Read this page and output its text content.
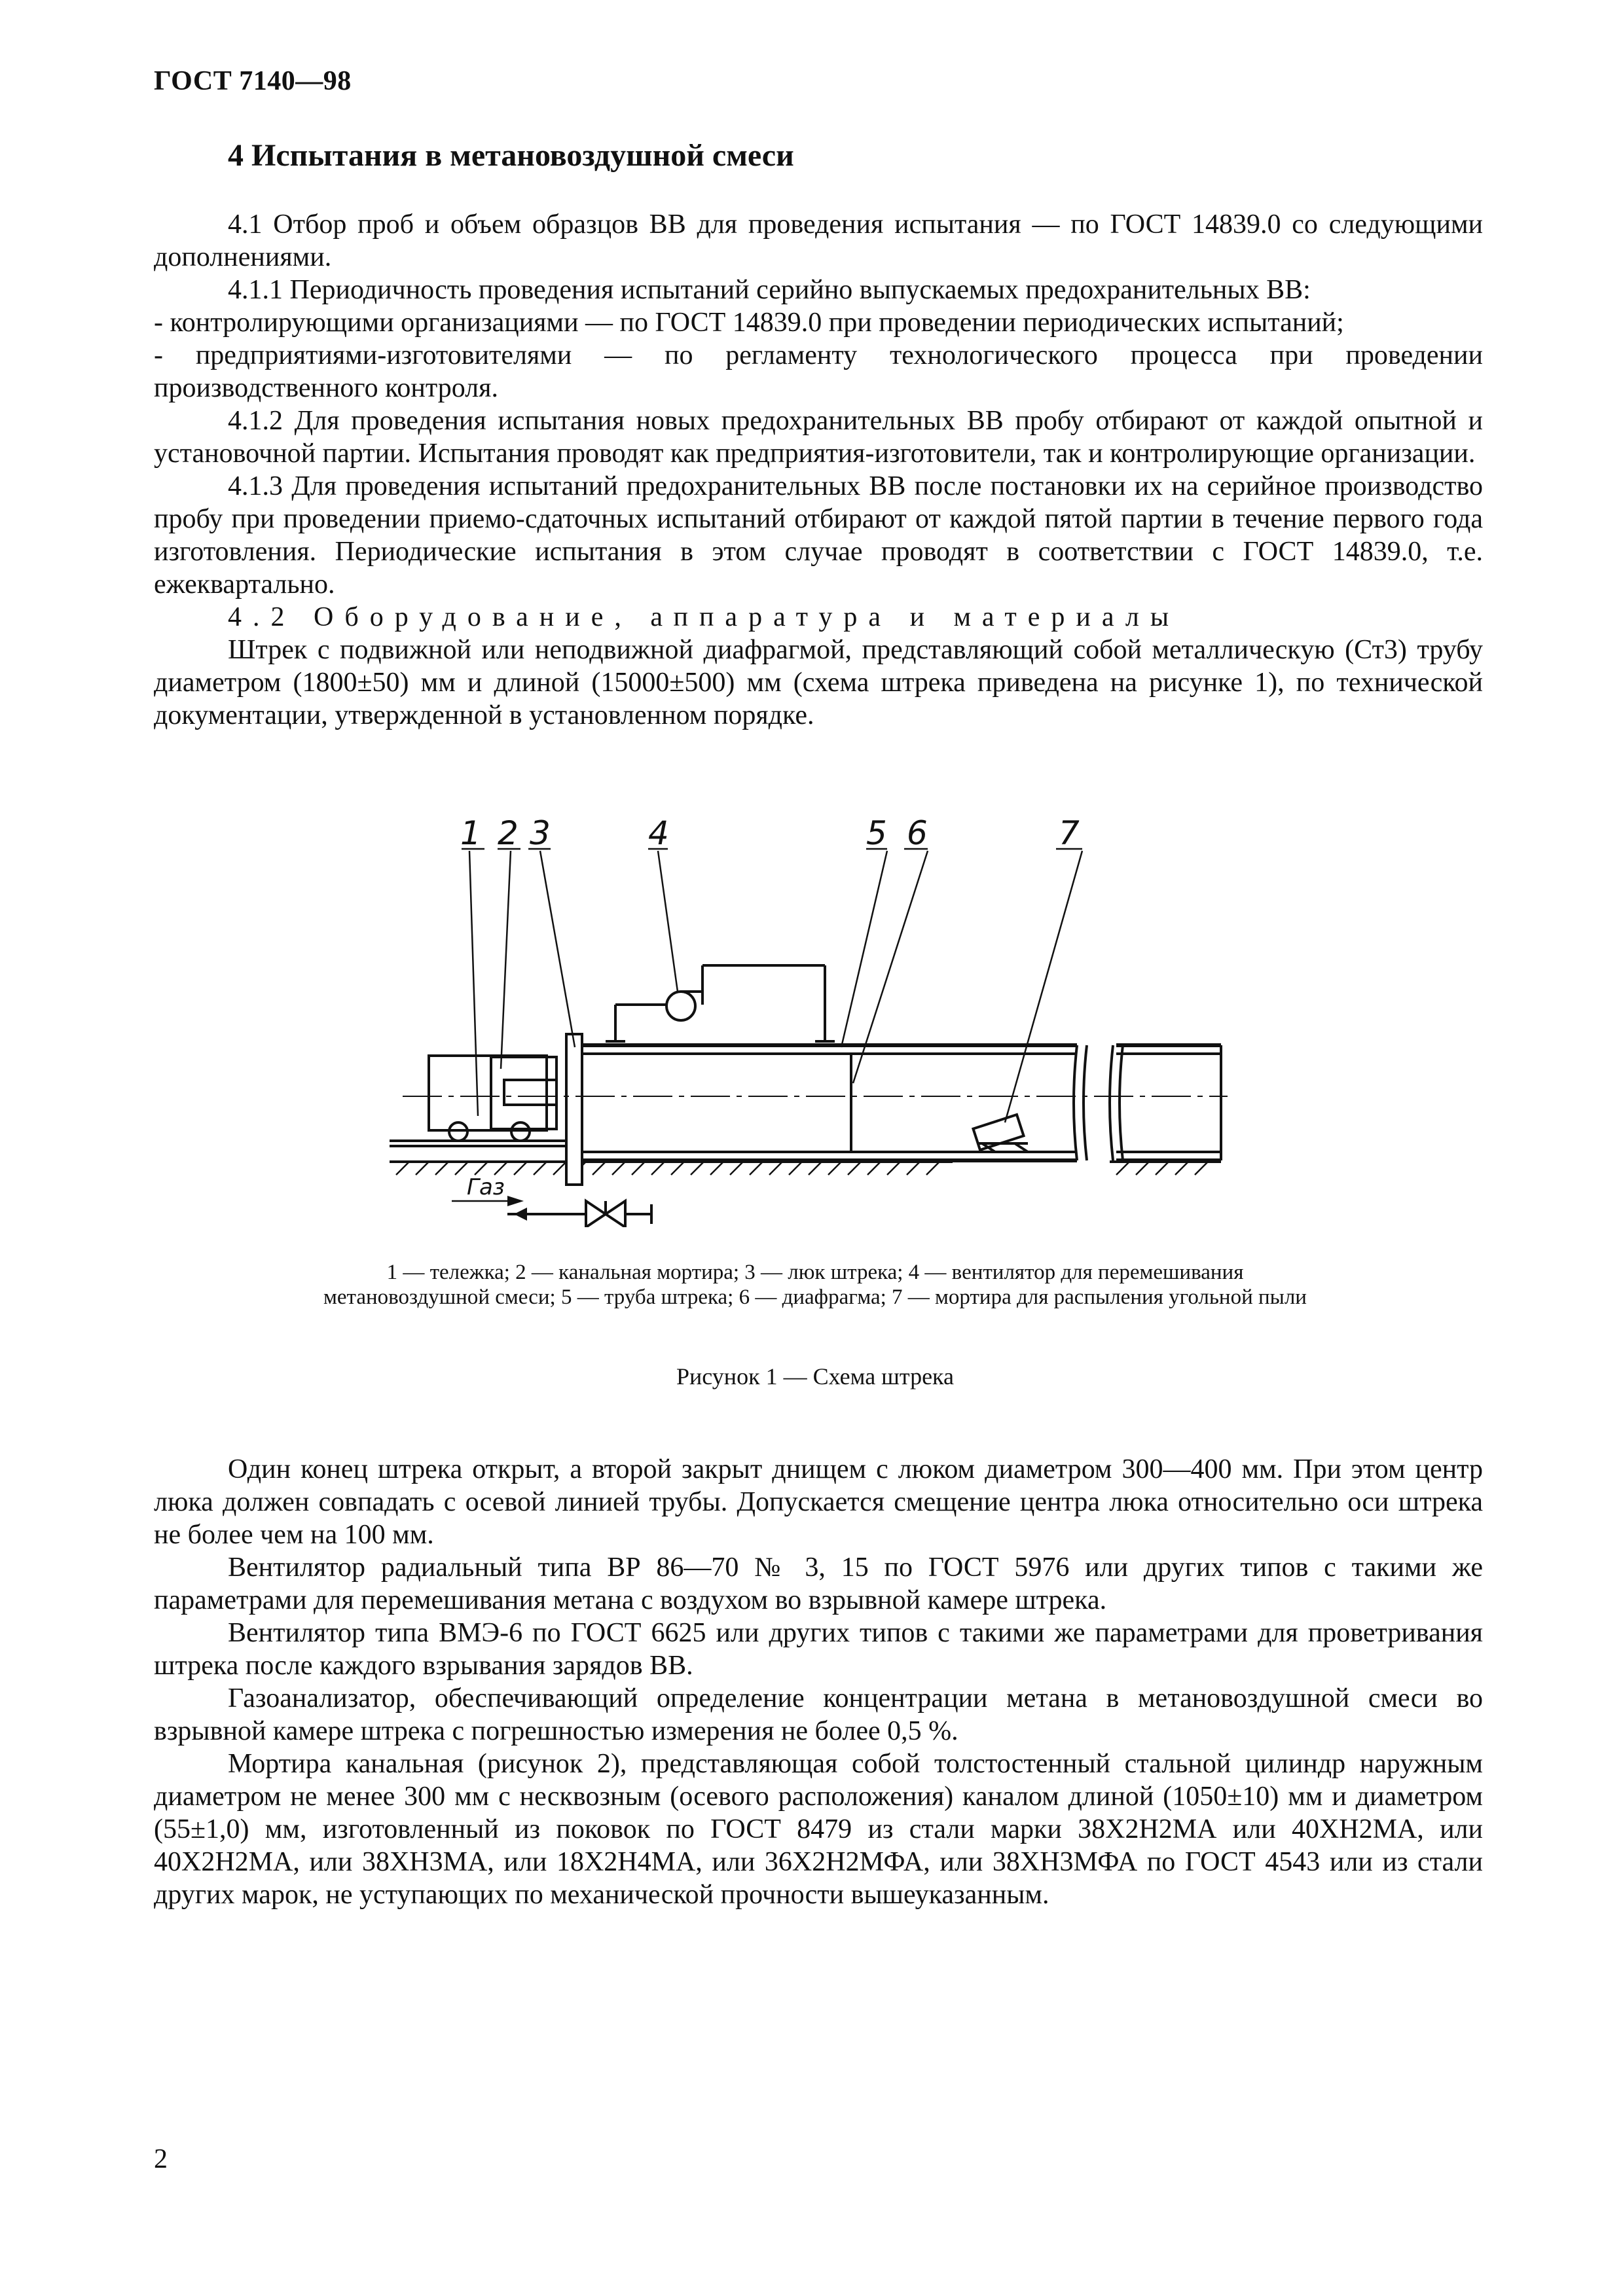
ГОСТ 7140—98
4 Испытания в метановоздушной смеси

4.1 Отбор проб и объем образцов ВВ для проведения испытания — по ГОСТ 14839.0 со следующими дополнениями.

4.1.1 Периодичность проведения испытаний серийно выпускаемых предохранительных ВВ:

- контролирующими организациями — по ГОСТ 14839.0 при проведении периодических испытаний;

- предприятиями-изготовителями — по регламенту технологического процесса при проведении производственного контроля.

4.1.2 Для проведения испытания новых предохранительных ВВ пробу отбирают от каждой опытной и установочной партии. Испытания проводят как предприятия-изготовители, так и контролирующие организации.

4.1.3 Для проведения испытаний предохранительных ВВ после постановки их на серийное производство пробу при проведении приемо-сдаточных испытаний отбирают от каждой пятой партии в течение первого года изготовления. Периодические испытания в этом случае проводят в соответствии с ГОСТ 14839.0, т.е. ежеквартально.

4.2 Оборудование, аппаратура и материалы

Штрек с подвижной или неподвижной диафрагмой, представляющий собой металлическую (Ст3) трубу диаметром (1800±50) мм и длиной (15000±500) мм (схема штрека приведена на рисунке 1), по технической документации, утвержденной в установленном порядке.

1 2 3	4	5 6	7
Газ
1 — тележка; 2 — канальная мортира; 3 — люк штрека; 4 — вентилятор для перемешивания метановоздушной смеси; 5 — труба штрека; 6 — диафрагма; 7 — мортира для распыления угольной пыли
Рисунок 1 — Схема штрека

Один конец штрека открыт, а второй закрыт днищем с люком диаметром 300—400 мм. При этом центр люка должен совпадать с осевой линией трубы. Допускается смещение центра люка относительно оси штрека не более чем на 100 мм.

Вентилятор радиальный типа ВР 86—70 № 3, 15 по ГОСТ 5976 или других типов с такими же параметрами для перемешивания метана с воздухом во взрывной камере штрека.

Вентилятор типа ВМЭ-6 по ГОСТ 6625 или других типов с такими же параметрами для проветривания штрека после каждого взрывания зарядов ВВ.

Газоанализатор, обеспечивающий определение концентрации метана в метановоздушной смеси во взрывной камере штрека с погрешностью измерения не более 0,5 %.

Мортира канальная (рисунок 2), представляющая собой толстостенный стальной цилиндр наружным диаметром не менее 300 мм с несквозным (осевого расположения) каналом длиной (1050±10) мм и диаметром (55±1,0) мм, изготовленный из поковок по ГОСТ 8479 из стали марки 38Х2Н2МА или 40ХН2МА, или 40Х2Н2МА, или 38ХН3МА, или 18Х2Н4МА, или 36Х2Н2МФА, или 38ХН3МФА по ГОСТ 4543 или из стали других марок, не уступающих по механической прочности вышеуказанным.

2
